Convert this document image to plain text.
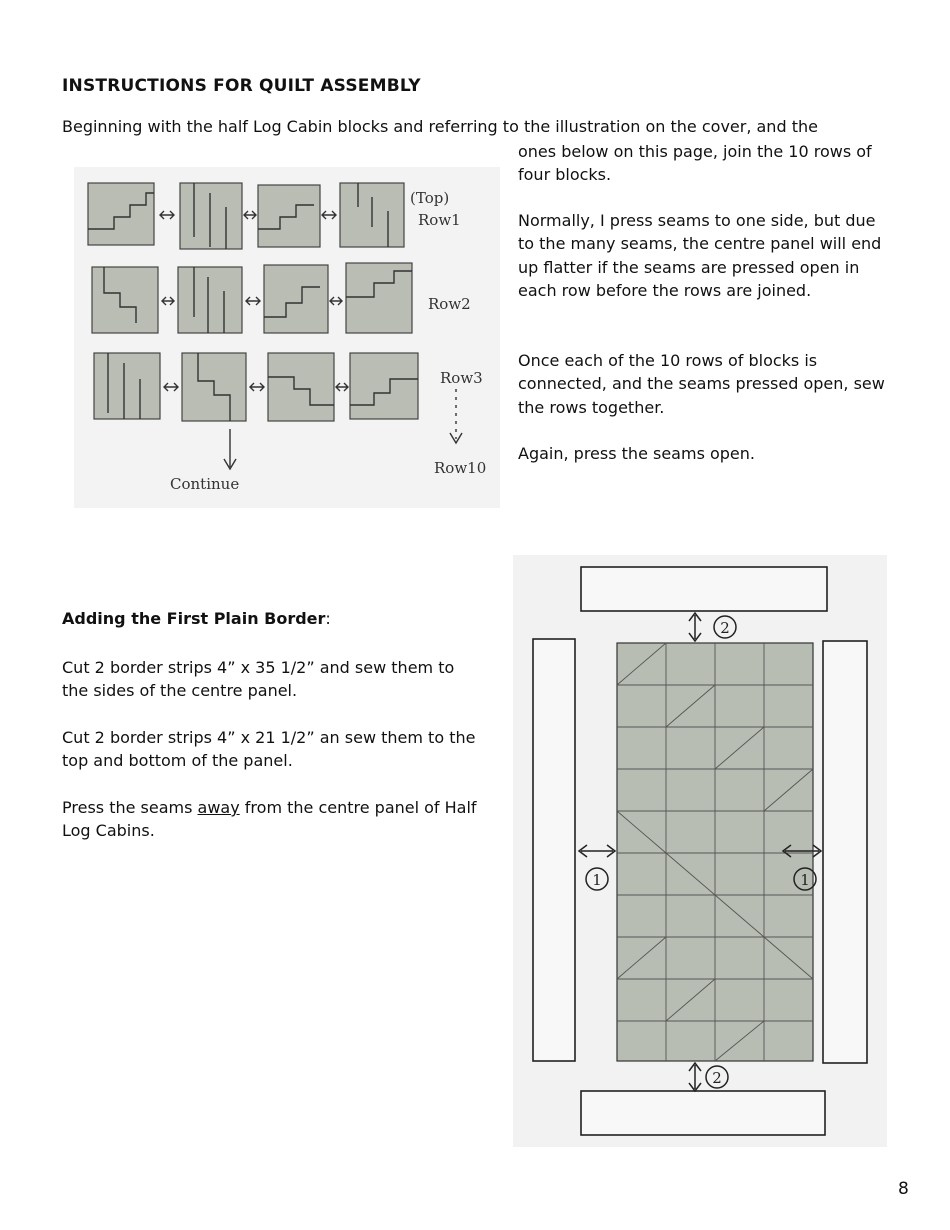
INSTRUCTIONS FOR QUILT ASSEMBLY
Beginning with the half Log Cabin blocks and referring to the illustration on the cover, and the
ones below on this page, join the 10 rows of four blocks.
Normally, I press seams to one side, but due to the many seams, the centre panel will end up flatter if the seams are pressed open in each row before the rows are joined.
Once each of the 10 rows of blocks is connected, and the seams pressed open, sew the rows together.
Again, press the seams open.
(Top)
Row1
Row2
Row3
Row10
Continue
Adding the First Plain Border:
Cut 2 border strips 4” x 35 1/2” and sew them to the sides of the centre panel.
Cut 2 border strips 4” x 21 1/2” an sew them to the top and bottom of the panel.
Press the seams away from the centre panel of Half Log Cabins.
2
2
1	1
8
